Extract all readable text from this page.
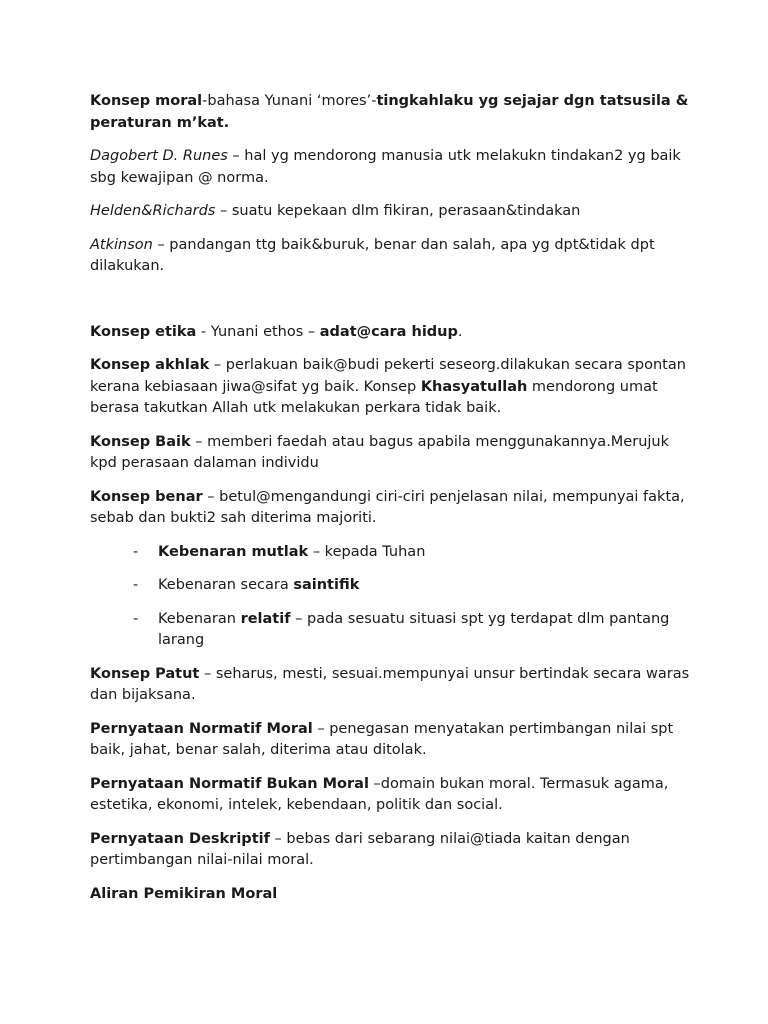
Konsep moral-bahasa Yunani ‘mores’-tingkahlaku yg sejajar dgn tatsusila & peraturan m’kat.

Dagobert D. Runes – hal yg mendorong manusia utk melakukn tindakan2 yg baik sbg kewajipan @ norma.

Helden&Richards – suatu kepekaan dlm fikiran, perasaan&tindakan

Atkinson – pandangan ttg baik&buruk, benar dan salah, apa yg dpt&tidak dpt dilakukan.

Konsep etika - Yunani ethos – adat@cara hidup.

Konsep akhlak – perlakuan baik@budi pekerti seseorg.dilakukan secara spontan kerana kebiasaan jiwa@sifat yg baik. Konsep Khasyatullah mendorong umat berasa takutkan Allah utk melakukan perkara tidak baik.

Konsep Baik – memberi faedah atau bagus apabila menggunakannya.Merujuk kpd perasaan dalaman individu

Konsep benar – betul@mengandungi ciri-ciri penjelasan nilai, mempunyai fakta, sebab dan bukti2 sah diterima majoriti.

- Kebenaran mutlak – kepada Tuhan
- Kebenaran secara saintifik
- Kebenaran relatif – pada sesuatu situasi spt yg terdapat dlm pantang larang

Konsep Patut – seharus, mesti, sesuai.mempunyai unsur bertindak secara waras dan bijaksana.

Pernyataan Normatif Moral – penegasan menyatakan pertimbangan nilai spt baik, jahat, benar salah, diterima atau ditolak.

Pernyataan Normatif Bukan Moral –domain bukan moral. Termasuk agama, estetika, ekonomi, intelek, kebendaan, politik dan social.

Pernyataan Deskriptif – bebas dari sebarang nilai@tiada kaitan dengan pertimbangan nilai-nilai moral.

Aliran Pemikiran Moral
